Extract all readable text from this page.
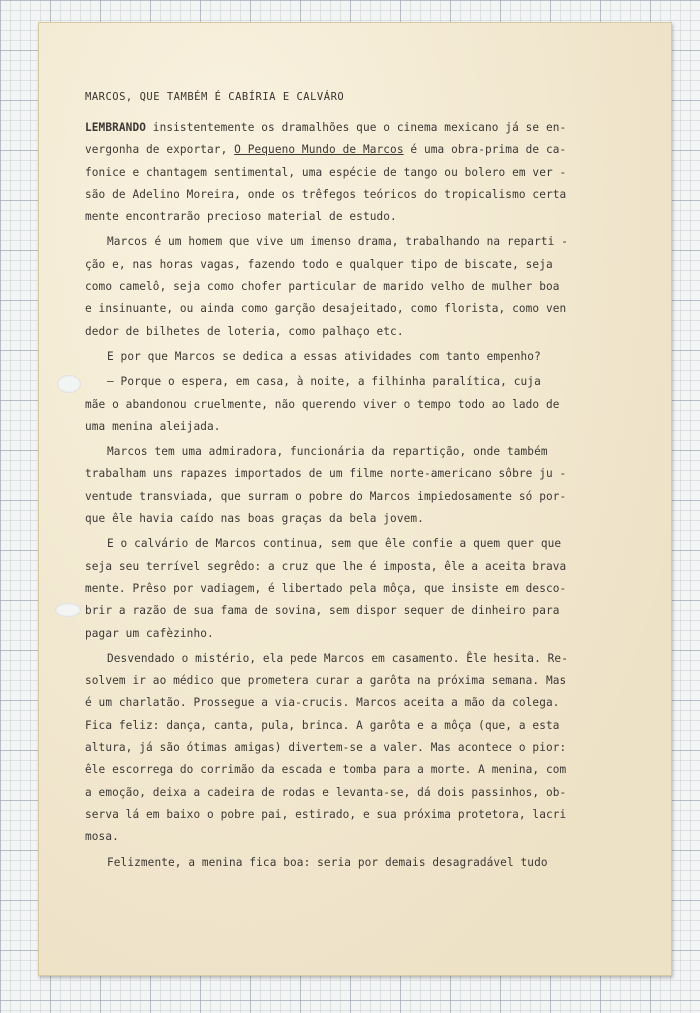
MARCOS, QUE TAMBÉM É CABÍRIA E CALVÁRO
LEMBRANDO insistentemente os dramalhões que o cinema mexicano já se en-
vergonha de exportar, O Pequeno Mundo de Marcos é uma obra-prima de ca-
fonice e chantagem sentimental, uma espécie de tango ou bolero em ver -
são de Adelino Moreira, onde os trêfegos teóricos do tropicalismo certa
mente encontrarão precioso material de estudo.
Marcos é um homem que vive um imenso drama, trabalhando na reparti -
ção e, nas horas vagas, fazendo todo e qualquer tipo de biscate, seja
como camelô, seja como chofer particular de marido velho de mulher boa
e insinuante, ou ainda como garção desajeitado, como florista, como ven
dedor de bilhetes de loteria, como palhaço etc.
E por que Marcos se dedica a essas atividades com tanto empenho?
— Porque o espera, em casa, à noite, a filhinha paralítica, cuja
mãe o abandonou cruelmente, não querendo viver o tempo todo ao lado de
uma menina aleijada.
Marcos tem uma admiradora, funcionária da repartição, onde também
trabalham uns rapazes importados de um filme norte-americano sôbre ju -
ventude transviada, que surram o pobre do Marcos impiedosamente só por-
que êle havia caído nas boas graças da bela jovem.
E o calvário de Marcos continua, sem que êle confie a quem quer que
seja seu terrível segrêdo: a cruz que lhe é imposta, êle a aceita brava
mente. Prêso por vadiagem, é libertado pela môça, que insiste em desco-
brir a razão de sua fama de sovina, sem dispor sequer de dinheiro para
pagar um cafèzinho.
Desvendado o mistério, ela pede Marcos em casamento. Êle hesita. Re-
solvem ir ao médico que prometera curar a garôta na próxima semana. Mas
é um charlatão. Prossegue a via-crucis. Marcos aceita a mão da colega.
Fica feliz: dança, canta, pula, brinca. A garôta e a môça (que, a esta
altura, já são ótimas amigas) divertem-se a valer. Mas acontece o pior:
êle escorrega do corrimão da escada e tomba para a morte. A menina, com
a emoção, deixa a cadeira de rodas e levanta-se, dá dois passinhos, ob-
serva lá em baixo o pobre pai, estirado, e sua próxima protetora, lacri
mosa.
Felizmente, a menina fica boa: seria por demais desagradável tudo
